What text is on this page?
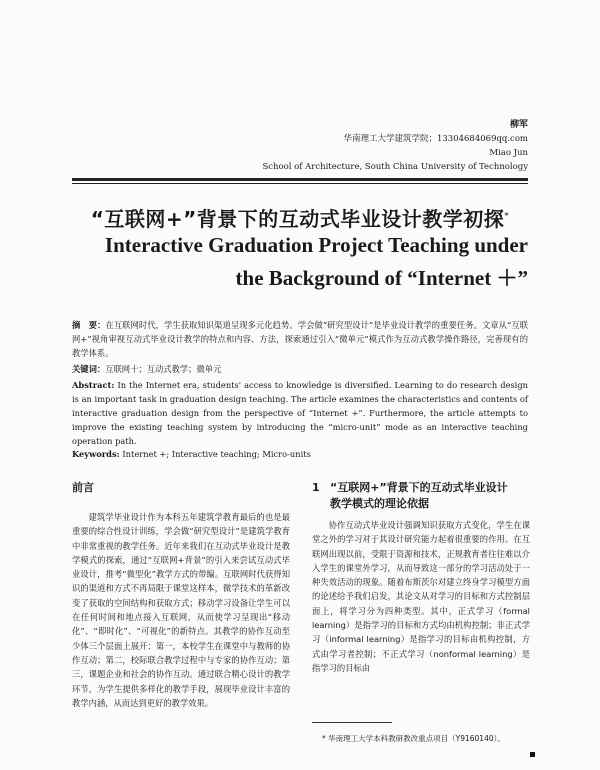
柳军
华南理工大学建筑学院；13304684069qq.com
Miao Jun
School of Architecture, South China University of Technology
“互联网+”背景下的互动式毕业设计教学初探*
Interactive Graduation Project Teaching under
the Background of “Internet ＋”
摘　要：在互联网时代，学生获取知识渠道呈现多元化趋势。学会做“研究型设计”是毕业设计教学的重要任务。文章从“互联网+”视角审视互动式毕业设计教学的特点和内容、方法，探索通过引入“微单元”模式作为互动式教学操作路径，完善现有的教学体系。
关键词：互联网十；互动式教学；微单元
Abstract: In the Internet era, students' access to knowledge is diversified. Learning to do research design is an important task in graduation design teaching. The article examines the characteristics and contents of interactive graduation design from the perspective of “Internet +”. Furthermore, the article attempts to improve the existing teaching system by introducing the “micro-unit” mode as an interactive teaching operation path.
Keywords: Internet +; Interactive teaching; Micro-units
前言

建筑学毕业设计作为本科五年建筑学教育最后的也是最重要的综合性设计训练，学会做“研究型设计”是建筑学教育中非常重视的教学任务。近年来我们在互动式毕业设计是教学模式的探索，通过“互联网+背景”的引入来尝试互动式毕业设计，推考“微型化”教学方式的带编。互联网时代获得知识的渠道和方式不再局限于课堂这样本，微学技术的革新改变了获取的空间结构和获取方式；移动学习设备让学生可以在任何时间和地点接入互联网，从而使学习呈现出“移动化”、“即时化”、“可视化”的新特点。其教学的协作互动至少体三个层面上展开：第一，本校学生在课堂中与教师的协作互动；第二，校际联合教学过程中与专家的协作互动；第三，课题企业和社会的协作互动。通过联合精心设计的教学环节，为学生提供多样化的教学手段，展现毕业设计丰富的教学内涵，从而达到更好的教学效果。

1 “互联网+”背景下的互动式毕业设计
教学模式的理论依据

协作互动式毕业设计强调知识获取方式变化，学生在课堂之外的学习对于其设计研究能力起着很重要的作用。在互联网出现以前，受限于资源和技术，正规教育者往往难以介入学生的课堂外学习，从而导致这一部分的学习活动处于一种失效活动的现象。随着布斯茨尔对建立终身学习模型方面的论述给予我们启发，其论文从对学习的目标和方式控制层面上，将学习分为四种类型。其中，正式学习（formal learning）是指学习的目标和方式均由机构控制；非正式学习（informal learning）是指学习的目标由机构控制，方式由学习者控制；不正式学习（nonformal learning）是指学习的目标由

* 华南理工大学本科教研教改重点项目（Y9160140）。
